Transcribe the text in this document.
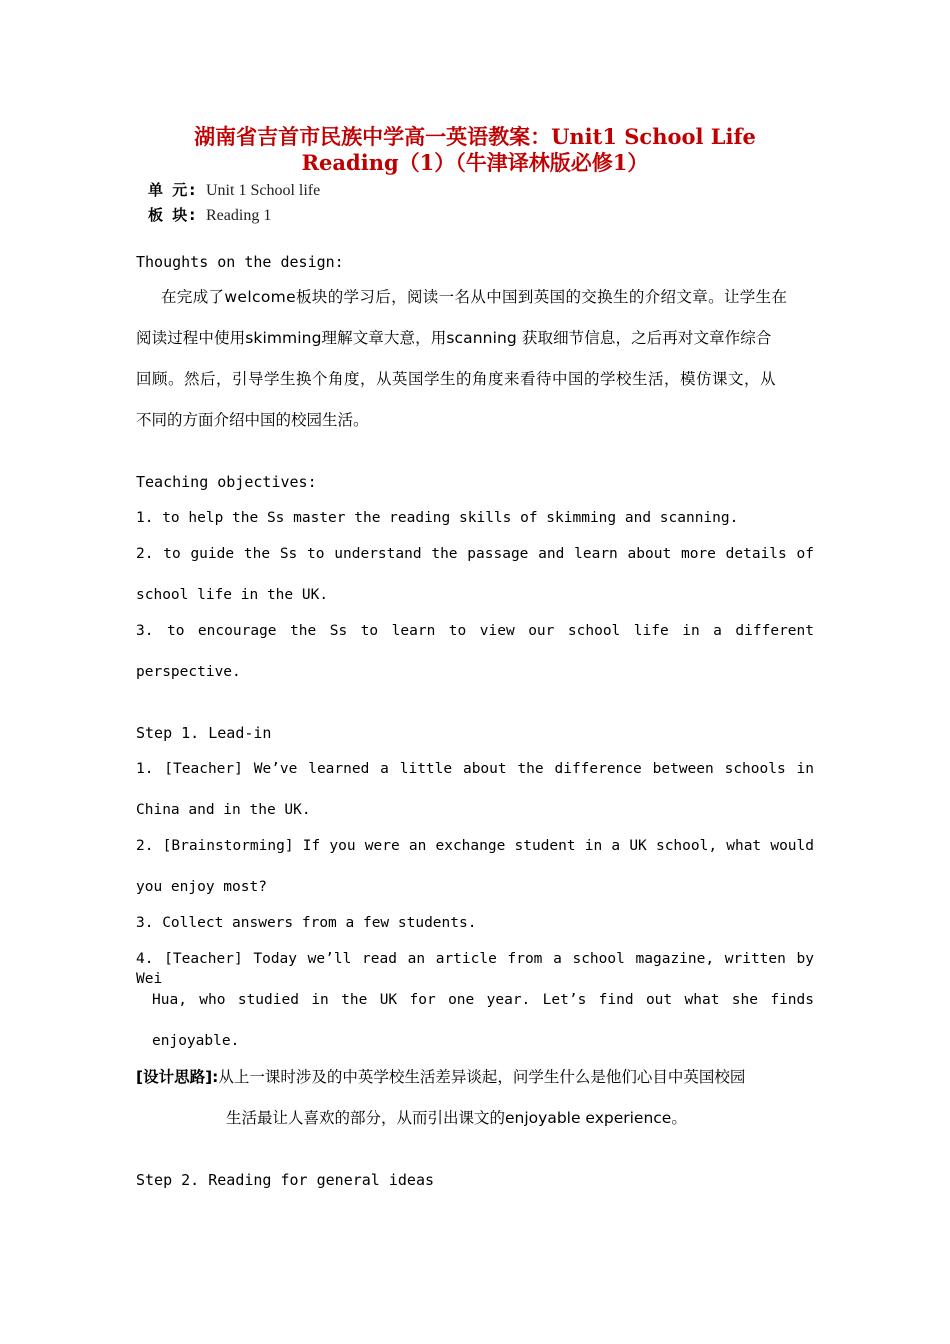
湖南省吉首市民族中学高一英语教案：Unit1 School Life
Reading（1）（牛津译林版必修1）
单 元: Unit 1 School life
板 块: Reading 1
Thoughts on the design:
在完成了welcome板块的学习后，阅读一名从中国到英国的交换生的介绍文章。让学生在
阅读过程中使用skimming理解文章大意，用scanning 获取细节信息，之后再对文章作综合
回顾。然后，引导学生换个角度，从英国学生的角度来看待中国的学校生活，模仿课文，从
不同的方面介绍中国的校园生活。
Teaching objectives:
1. to help the Ss master the reading skills of skimming and scanning.
2. to guide the Ss to understand the passage and learn about more details of
school life in the UK.
3. to encourage the Ss to learn to view our school life in a different
perspective.
Step 1. Lead-in
1. [Teacher] We’ve learned a little about the difference between schools in
China and in the UK.
2. [Brainstorming] If you were an exchange student in a UK school, what would
you enjoy most?
3. Collect answers from a few students.
4. [Teacher] Today we’ll read an article from a school magazine, written by Wei
Hua, who studied in the UK for one year. Let’s find out what she finds
enjoyable.
[设计思路]:从上一课时涉及的中英学校生活差异谈起，问学生什么是他们心目中英国校园
生活最让人喜欢的部分，从而引出课文的enjoyable experience。
Step 2. Reading for general ideas
